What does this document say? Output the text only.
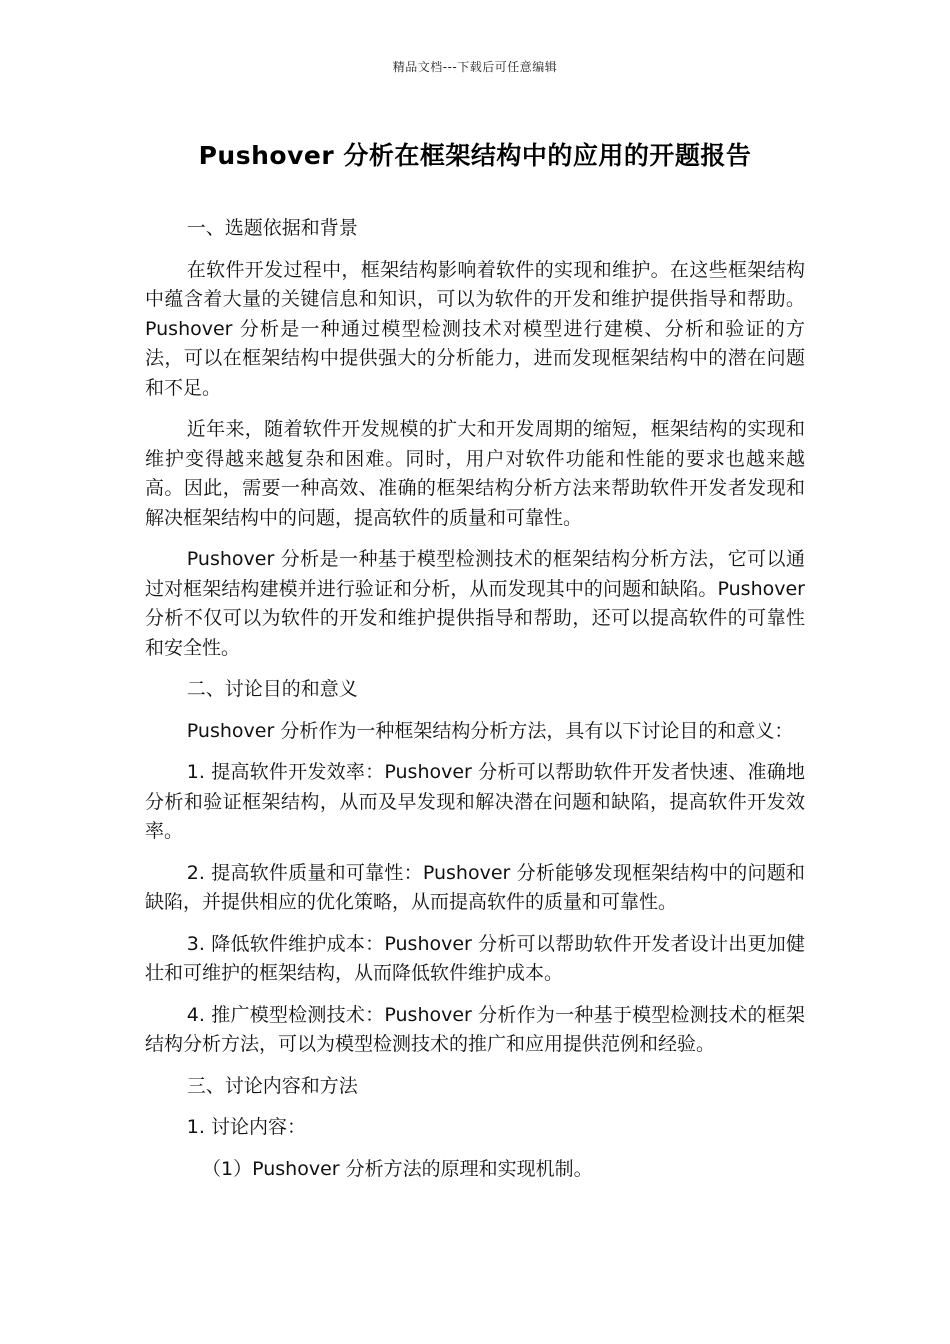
精品文档---下载后可任意编辑
Pushover 分析在框架结构中的应用的开题报告

一、选题依据和背景

在软件开发过程中，框架结构影响着软件的实现和维护。在这些框架结构中蕴含着大量的关键信息和知识，可以为软件的开发和维护提供指导和帮助。Pushover 分析是一种通过模型检测技术对模型进行建模、分析和验证的方法，可以在框架结构中提供强大的分析能力，进而发现框架结构中的潜在问题和不足。

近年来，随着软件开发规模的扩大和开发周期的缩短，框架结构的实现和维护变得越来越复杂和困难。同时，用户对软件功能和性能的要求也越来越高。因此，需要一种高效、准确的框架结构分析方法来帮助软件开发者发现和解决框架结构中的问题，提高软件的质量和可靠性。

Pushover 分析是一种基于模型检测技术的框架结构分析方法，它可以通过对框架结构建模并进行验证和分析，从而发现其中的问题和缺陷。Pushover 分析不仅可以为软件的开发和维护提供指导和帮助，还可以提高软件的可靠性和安全性。

二、讨论目的和意义

Pushover 分析作为一种框架结构分析方法，具有以下讨论目的和意义：

1. 提高软件开发效率：Pushover 分析可以帮助软件开发者快速、准确地分析和验证框架结构，从而及早发现和解决潜在问题和缺陷，提高软件开发效率。

2. 提高软件质量和可靠性：Pushover 分析能够发现框架结构中的问题和缺陷，并提供相应的优化策略，从而提高软件的质量和可靠性。

3. 降低软件维护成本：Pushover 分析可以帮助软件开发者设计出更加健壮和可维护的框架结构，从而降低软件维护成本。

4. 推广模型检测技术：Pushover 分析作为一种基于模型检测技术的框架结构分析方法，可以为模型检测技术的推广和应用提供范例和经验。

三、讨论内容和方法

1. 讨论内容：

（1）Pushover 分析方法的原理和实现机制。
